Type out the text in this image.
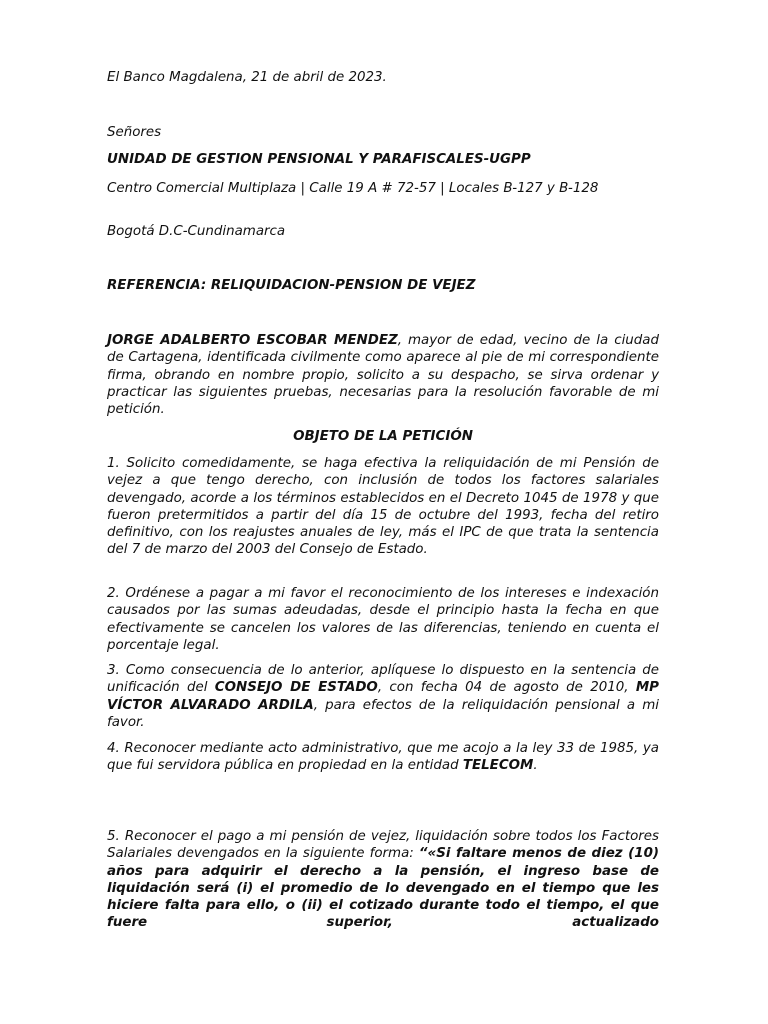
El Banco Magdalena, 21 de abril de 2023.

Señores

UNIDAD DE GESTION PENSIONAL Y PARAFISCALES-UGPP

Centro Comercial Multiplaza | Calle 19 A # 72-57 | Locales B-127 y B-128

Bogotá D.C-Cundinamarca

REFERENCIA: RELIQUIDACION-PENSION DE VEJEZ

JORGE ADALBERTO ESCOBAR MENDEZ, mayor de edad, vecino de la ciudad de Cartagena, identificada civilmente como aparece al pie de mi correspondiente firma, obrando en nombre propio, solicito a su despacho, se sirva ordenar y practicar las siguientes pruebas, necesarias para la resolución favorable de mi petición.

OBJETO DE LA PETICIÓN

1. Solicito comedidamente, se haga efectiva la reliquidación de mi Pensión de vejez a que tengo derecho, con inclusión de todos los factores salariales devengado, acorde a los términos establecidos en el Decreto 1045 de 1978 y que fueron pretermitidos a partir del día 15 de octubre del 1993, fecha del retiro definitivo, con los reajustes anuales de ley, más el IPC de que trata la sentencia del 7 de marzo del 2003 del Consejo de Estado.

2. Ordénese a pagar a mi favor el reconocimiento de los intereses e indexación causados por las sumas adeudadas, desde el principio hasta la fecha en que efectivamente se cancelen los valores de las diferencias, teniendo en cuenta el porcentaje legal.

3. Como consecuencia de lo anterior, aplíquese lo dispuesto en la sentencia de unificación del CONSEJO DE ESTADO, con fecha 04 de agosto de 2010, MP VÍCTOR ALVARADO ARDILA, para efectos de la reliquidación pensional a mi favor.

4. Reconocer mediante acto administrativo, que me acojo a la ley 33 de 1985, ya que fui servidora pública en propiedad en la entidad TELECOM.

5. Reconocer el pago a mi pensión de vejez, liquidación sobre todos los Factores Salariales devengados en la siguiente forma: “«Si faltare menos de diez (10) años para adquirir el derecho a la pensión, el ingreso base de liquidación será (i) el promedio de lo devengado en el tiempo que les hiciere falta para ello, o (ii) el cotizado durante todo el tiempo, el que fuere superior, actualizado
